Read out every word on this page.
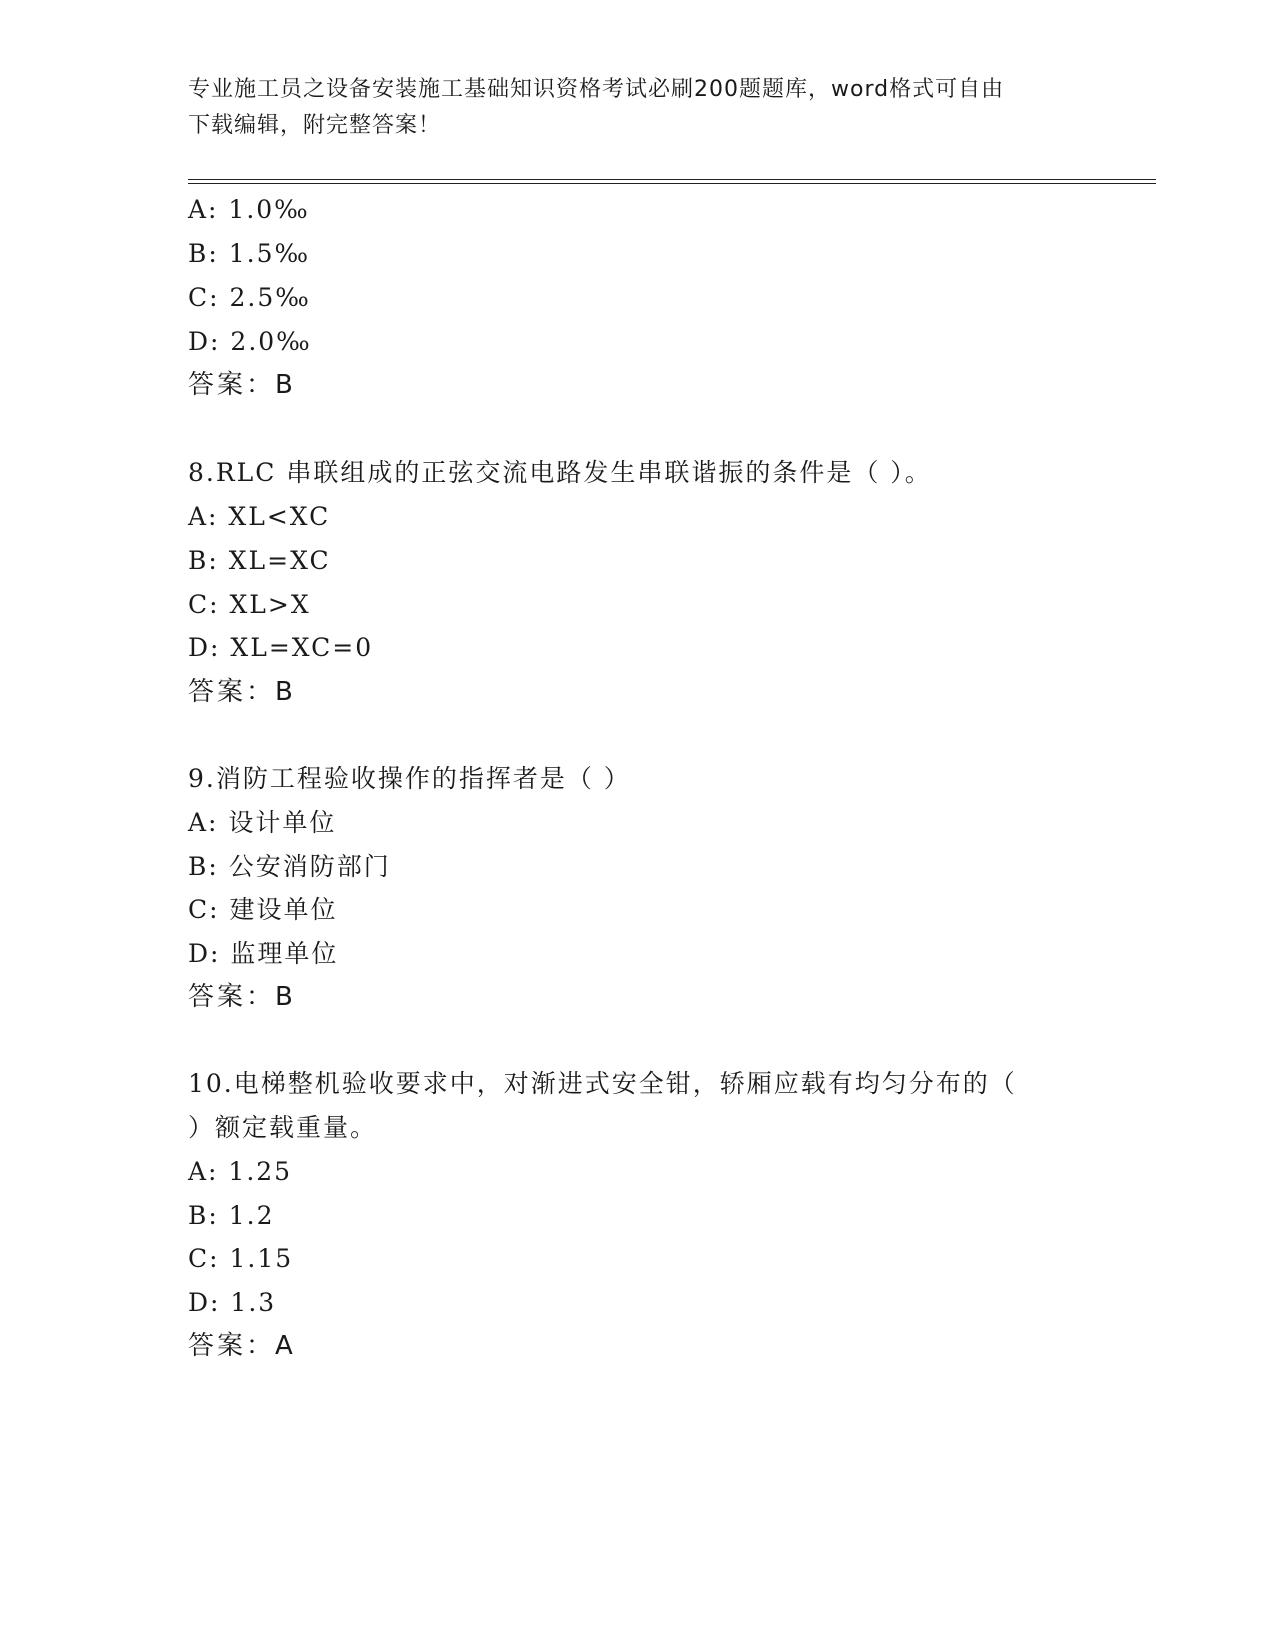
专业施工员之设备安装施工基础知识资格考试必刷200题题库，word格式可自由
下载编辑，附完整答案！
A: 1.0‰
B: 1.5‰
C: 2.5‰
D: 2.0‰
答案：B
8.RLC 串联组成的正弦交流电路发生串联谐振的条件是（ ）。
A: XL<XC
B: XL=XC
C: XL>X
D: XL=XC=0
答案：B
9.消防工程验收操作的指挥者是（ ）
A: 设计单位
B: 公安消防部门
C: 建设单位
D: 监理单位
答案：B
10.电梯整机验收要求中，对渐进式安全钳，轿厢应载有均匀分布的（
）额定载重量。
A: 1.25
B: 1.2
C: 1.15
D: 1.3
答案：A
